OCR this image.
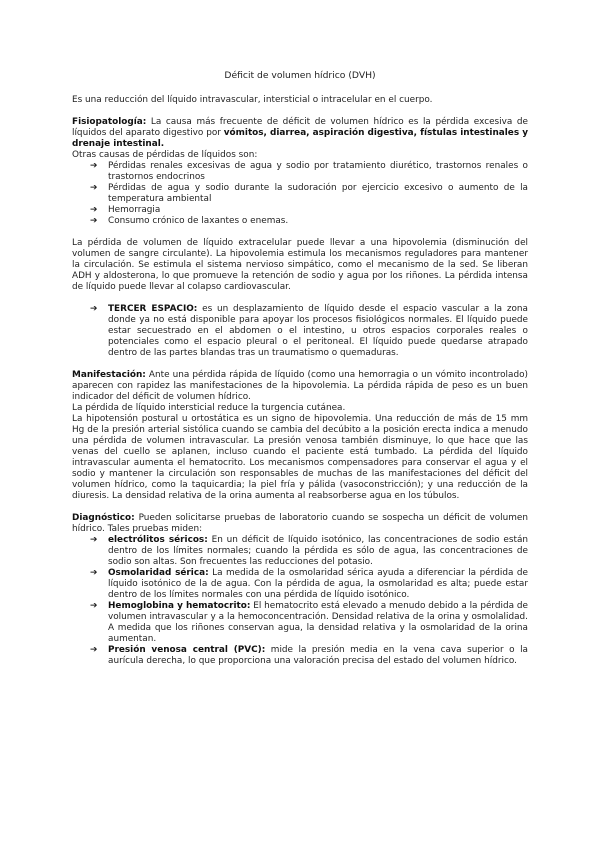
Déficit de volumen hídrico (DVH)

Es una reducción del líquido intravascular, intersticial o intracelular en el cuerpo.

Fisiopatología: La causa más frecuente de déficit de volumen hídrico es la pérdida excesiva de líquidos del aparato digestivo por vómitos, diarrea, aspiración digestiva, fístulas intestinales y drenaje intestinal.

Otras causas de pérdidas de líquidos son:

➔ Pérdidas renales excesivas de agua y sodio por tratamiento diurético, trastornos renales o trastornos endocrinos
➔ Pérdidas de agua y sodio durante la sudoración por ejercicio excesivo o aumento de la temperatura ambiental
➔ Hemorragia
➔ Consumo crónico de laxantes o enemas.

La pérdida de volumen de líquido extracelular puede llevar a una hipovolemia (disminución del volumen de sangre circulante). La hipovolemia estimula los mecanismos reguladores para mantener la circulación. Se estimula el sistema nervioso simpático, como el mecanismo de la sed. Se liberan ADH y aldosterona, lo que promueve la retención de sodio y agua por los riñones. La pérdida intensa de líquido puede llevar al colapso cardiovascular.

➔ TERCER ESPACIO: es un desplazamiento de líquido desde el espacio vascular a la zona donde ya no está disponible para apoyar los procesos fisiológicos normales. El líquido puede estar secuestrado en el abdomen o el intestino, u otros espacios corporales reales o potenciales como el espacio pleural o el peritoneal. El líquido puede quedarse atrapado dentro de las partes blandas tras un traumatismo o quemaduras.

Manifestación: Ante una pérdida rápida de líquido (como una hemorragia o un vómito incontrolado) aparecen con rapidez las manifestaciones de la hipovolemia. La pérdida rápida de peso es un buen indicador del déficit de volumen hídrico.

La pérdida de líquido intersticial reduce la turgencia cutánea.

La hipotensión postural u ortostática es un signo de hipovolemia. Una reducción de más de 15 mm Hg de la presión arterial sistólica cuando se cambia del decúbito a la posición erecta indica a menudo una pérdida de volumen intravascular. La presión venosa también disminuye, lo que hace que las venas del cuello se aplanen, incluso cuando el paciente está tumbado. La pérdida del líquido intravascular aumenta el hematocrito. Los mecanismos compensadores para conservar el agua y el sodio y mantener la circulación son responsables de muchas de las manifestaciones del déficit del volumen hídrico, como la taquicardia; la piel fría y pálida (vasoconstricción); y una reducción de la diuresis. La densidad relativa de la orina aumenta al reabsorberse agua en los túbulos.

Diagnóstico: Pueden solicitarse pruebas de laboratorio cuando se sospecha un déficit de volumen hídrico. Tales pruebas miden:

➔ electrólitos séricos: En un déficit de líquido isotónico, las concentraciones de sodio están dentro de los límites normales; cuando la pérdida es sólo de agua, las concentraciones de sodio son altas. Son frecuentes las reducciones del potasio.
➔ Osmolaridad sérica: La medida de la osmolaridad sérica ayuda a diferenciar la pérdida de líquido isotónico de la de agua. Con la pérdida de agua, la osmolaridad es alta; puede estar dentro de los límites normales con una pérdida de líquido isotónico.
➔ Hemoglobina y hematocrito: El hematocrito está elevado a menudo debido a la pérdida de volumen intravascular y a la hemoconcentración. Densidad relativa de la orina y osmolalidad. A medida que los riñones conservan agua, la densidad relativa y la osmolaridad de la orina aumentan.
➔ Presión venosa central (PVC): mide la presión media en la vena cava superior o la aurícula derecha, lo que proporciona una valoración precisa del estado del volumen hídrico.
